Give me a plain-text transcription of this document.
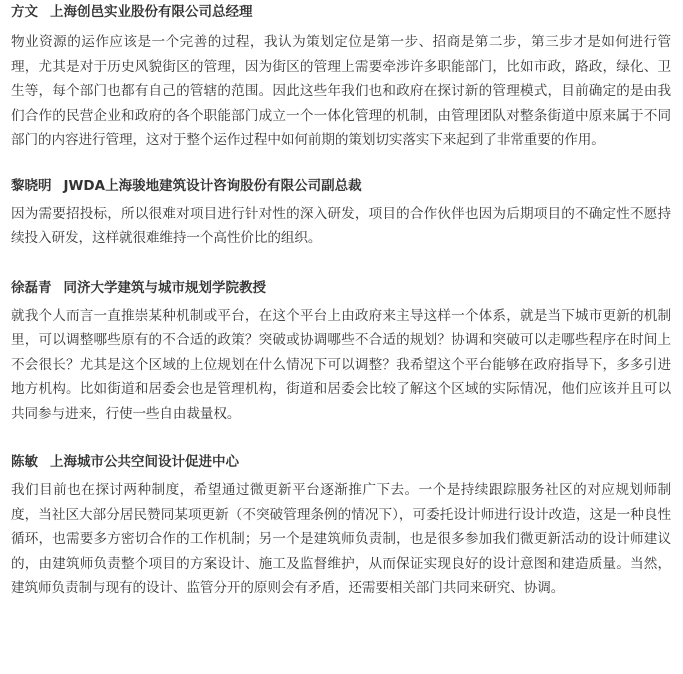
方文 上海创邑实业股份有限公司总经理

物业资源的运作应该是一个完善的过程，我认为策划定位是第一步、招商是第二步，第三步才是如何进行管理，尤其是对于历史风貌街区的管理，因为街区的管理上需要牵涉许多职能部门，比如市政，路政，绿化、卫生等，每个部门也都有自己的管辖的范围。因此这些年我们也和政府在探讨新的管理模式，目前确定的是由我们合作的民营企业和政府的各个职能部门成立一个一体化管理的机制，由管理团队对整条街道中原来属于不同部门的内容进行管理，这对于整个运作过程中如何前期的策划切实落实下来起到了非常重要的作用。

黎晓明 JWDA上海骏地建筑设计咨询股份有限公司副总裁

因为需要招投标，所以很难对项目进行针对性的深入研发，项目的合作伙伴也因为后期项目的不确定性不愿持续投入研发，这样就很难维持一个高性价比的组织。

徐磊青 同济大学建筑与城市规划学院教授

就我个人而言一直推崇某种机制或平台，在这个平台上由政府来主导这样一个体系，就是当下城市更新的机制里，可以调整哪些原有的不合适的政策？突破或协调哪些不合适的规划？协调和突破可以走哪些程序在时间上不会很长？尤其是这个区域的上位规划在什么情况下可以调整？我希望这个平台能够在政府指导下，多多引进地方机构。比如街道和居委会也是管理机构，街道和居委会比较了解这个区域的实际情况，他们应该并且可以共同参与进来，行使一些自由裁量权。

陈敏 上海城市公共空间设计促进中心

我们目前也在探讨两种制度，希望通过微更新平台逐渐推广下去。一个是持续跟踪服务社区的对应规划师制度，当社区大部分居民赞同某项更新（不突破管理条例的情况下），可委托设计师进行设计改造，这是一种良性循环，也需要多方密切合作的工作机制；另一个是建筑师负责制，也是很多参加我们微更新活动的设计师建议的，由建筑师负责整个项目的方案设计、施工及监督维护，从而保证实现良好的设计意图和建造质量。当然，建筑师负责制与现有的设计、监管分开的原则会有矛盾，还需要相关部门共同来研究、协调。
